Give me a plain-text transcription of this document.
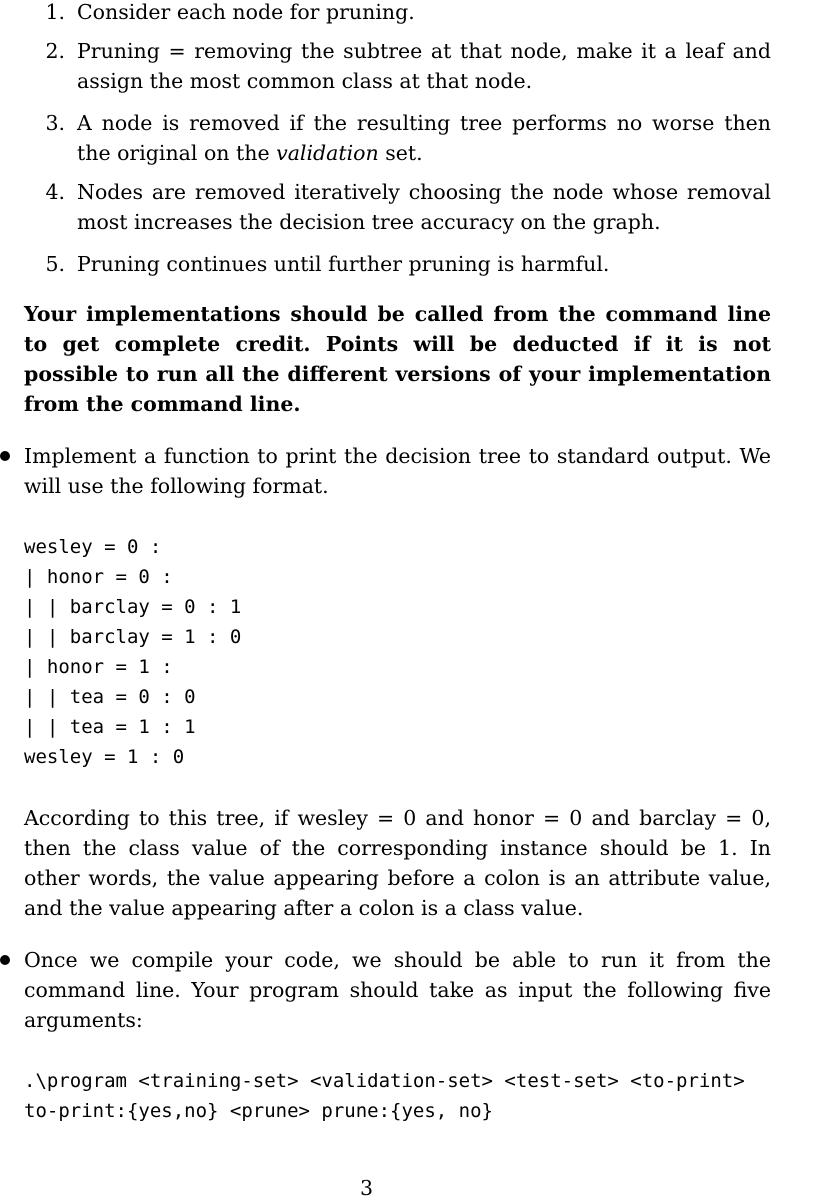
1. Consider each node for pruning.
2. Pruning = removing the subtree at that node, make it a leaf and assign the most common class at that node.
3. A node is removed if the resulting tree performs no worse then the original on the validation set.
4. Nodes are removed iteratively choosing the node whose removal most increases the decision tree accuracy on the graph.
5. Pruning continues until further pruning is harmful.
Your implementations should be called from the command line to get complete credit. Points will be deducted if it is not possible to run all the different versions of your implementation from the command line.
Implement a function to print the decision tree to standard output. We will use the following format.
wesley = 0 :
| honor = 0 :
| | barclay = 0 : 1
| | barclay = 1 : 0
| honor = 1 :
| | tea = 0 : 0
| | tea = 1 : 1
wesley = 1 : 0
According to this tree, if wesley = 0 and honor = 0 and barclay = 0, then the class value of the corresponding instance should be 1. In other words, the value appearing before a colon is an attribute value, and the value appearing after a colon is a class value.
Once we compile your code, we should be able to run it from the command line. Your program should take as input the following five arguments:
.\program <training-set> <validation-set> <test-set> <to-print>
to-print:{yes,no} <prune> prune:{yes, no}
3
